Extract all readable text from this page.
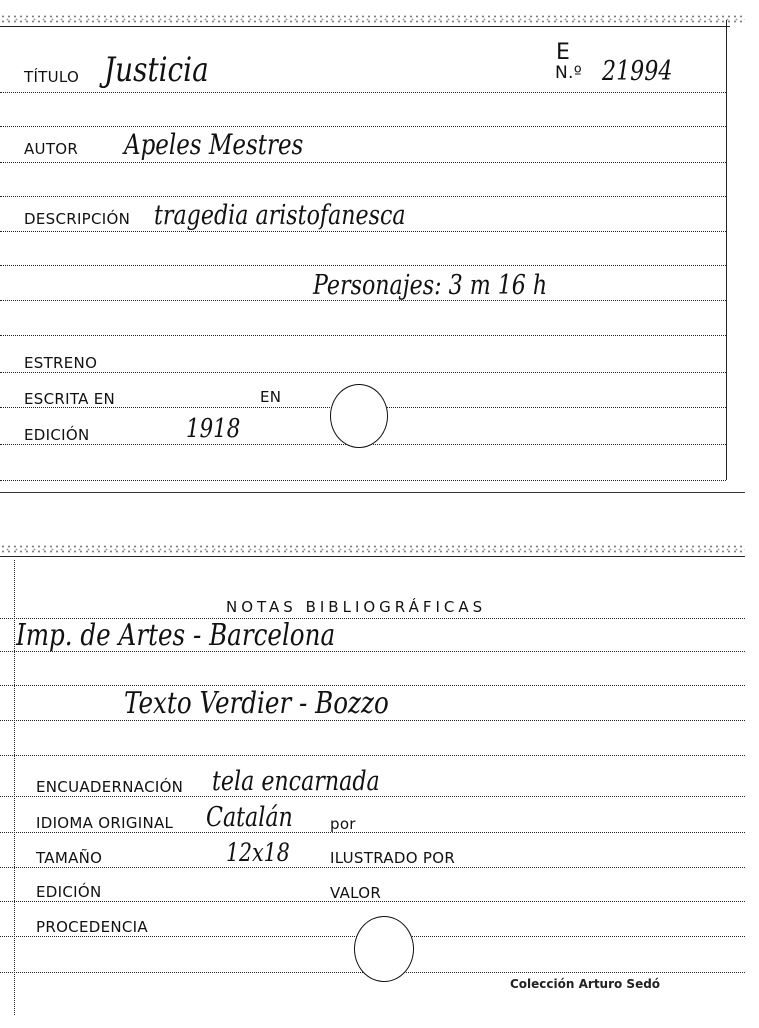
E
TÍTULO Justicia	N.º 21994
AUTOR Apeles Mestres
DESCRIPCIÓN tragedia aristofanesca
Personajes: 3 m 16 h
ESTRENO
ESCRITA EN	EN
EDICIÓN	1918
NOTAS BIBLIOGRÁFICAS
Imp. de Artes - Barcelona
Texto Verdier - Bozzo
ENCUADERNACIÓN tela encarnada
IDIOMA ORIGINAL Catalán por
TAMAÑO	12x18	ILUSTRADO POR
EDICIÓN	VALOR
PROCEDENCIA
Colección Arturo Sedó
